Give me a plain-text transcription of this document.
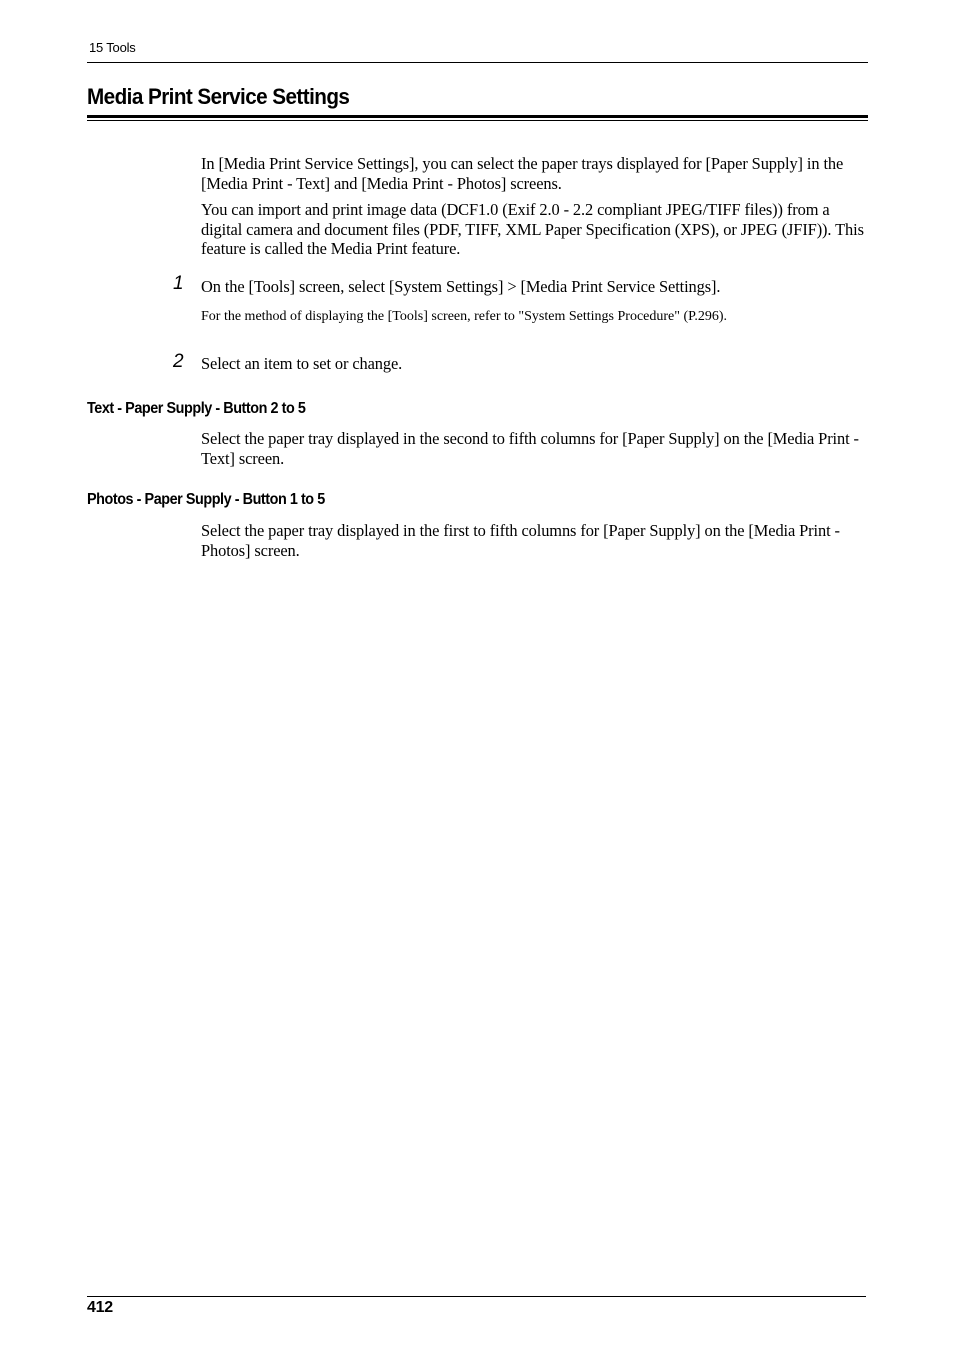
15 Tools
Media Print Service Settings

In [Media Print Service Settings], you can select the paper trays displayed for [Paper Supply] in the [Media Print - Text] and [Media Print - Photos] screens.

You can import and print image data (DCF1.0 (Exif 2.0 - 2.2 compliant JPEG/TIFF files)) from a digital camera and document files (PDF, TIFF, XML Paper Specification (XPS), or JPEG (JFIF)). This feature is called the Media Print feature.

1 On the [Tools] screen, select [System Settings] > [Media Print Service Settings].

For the method of displaying the [Tools] screen, refer to "System Settings Procedure" (P.296).

2 Select an item to set or change.

Text - Paper Supply - Button 2 to 5

Select the paper tray displayed in the second to fifth columns for [Paper Supply] on the [Media Print - Text] screen.

Photos - Paper Supply - Button 1 to 5

Select the paper tray displayed in the first to fifth columns for [Paper Supply] on the [Media Print - Photos] screen.

412
